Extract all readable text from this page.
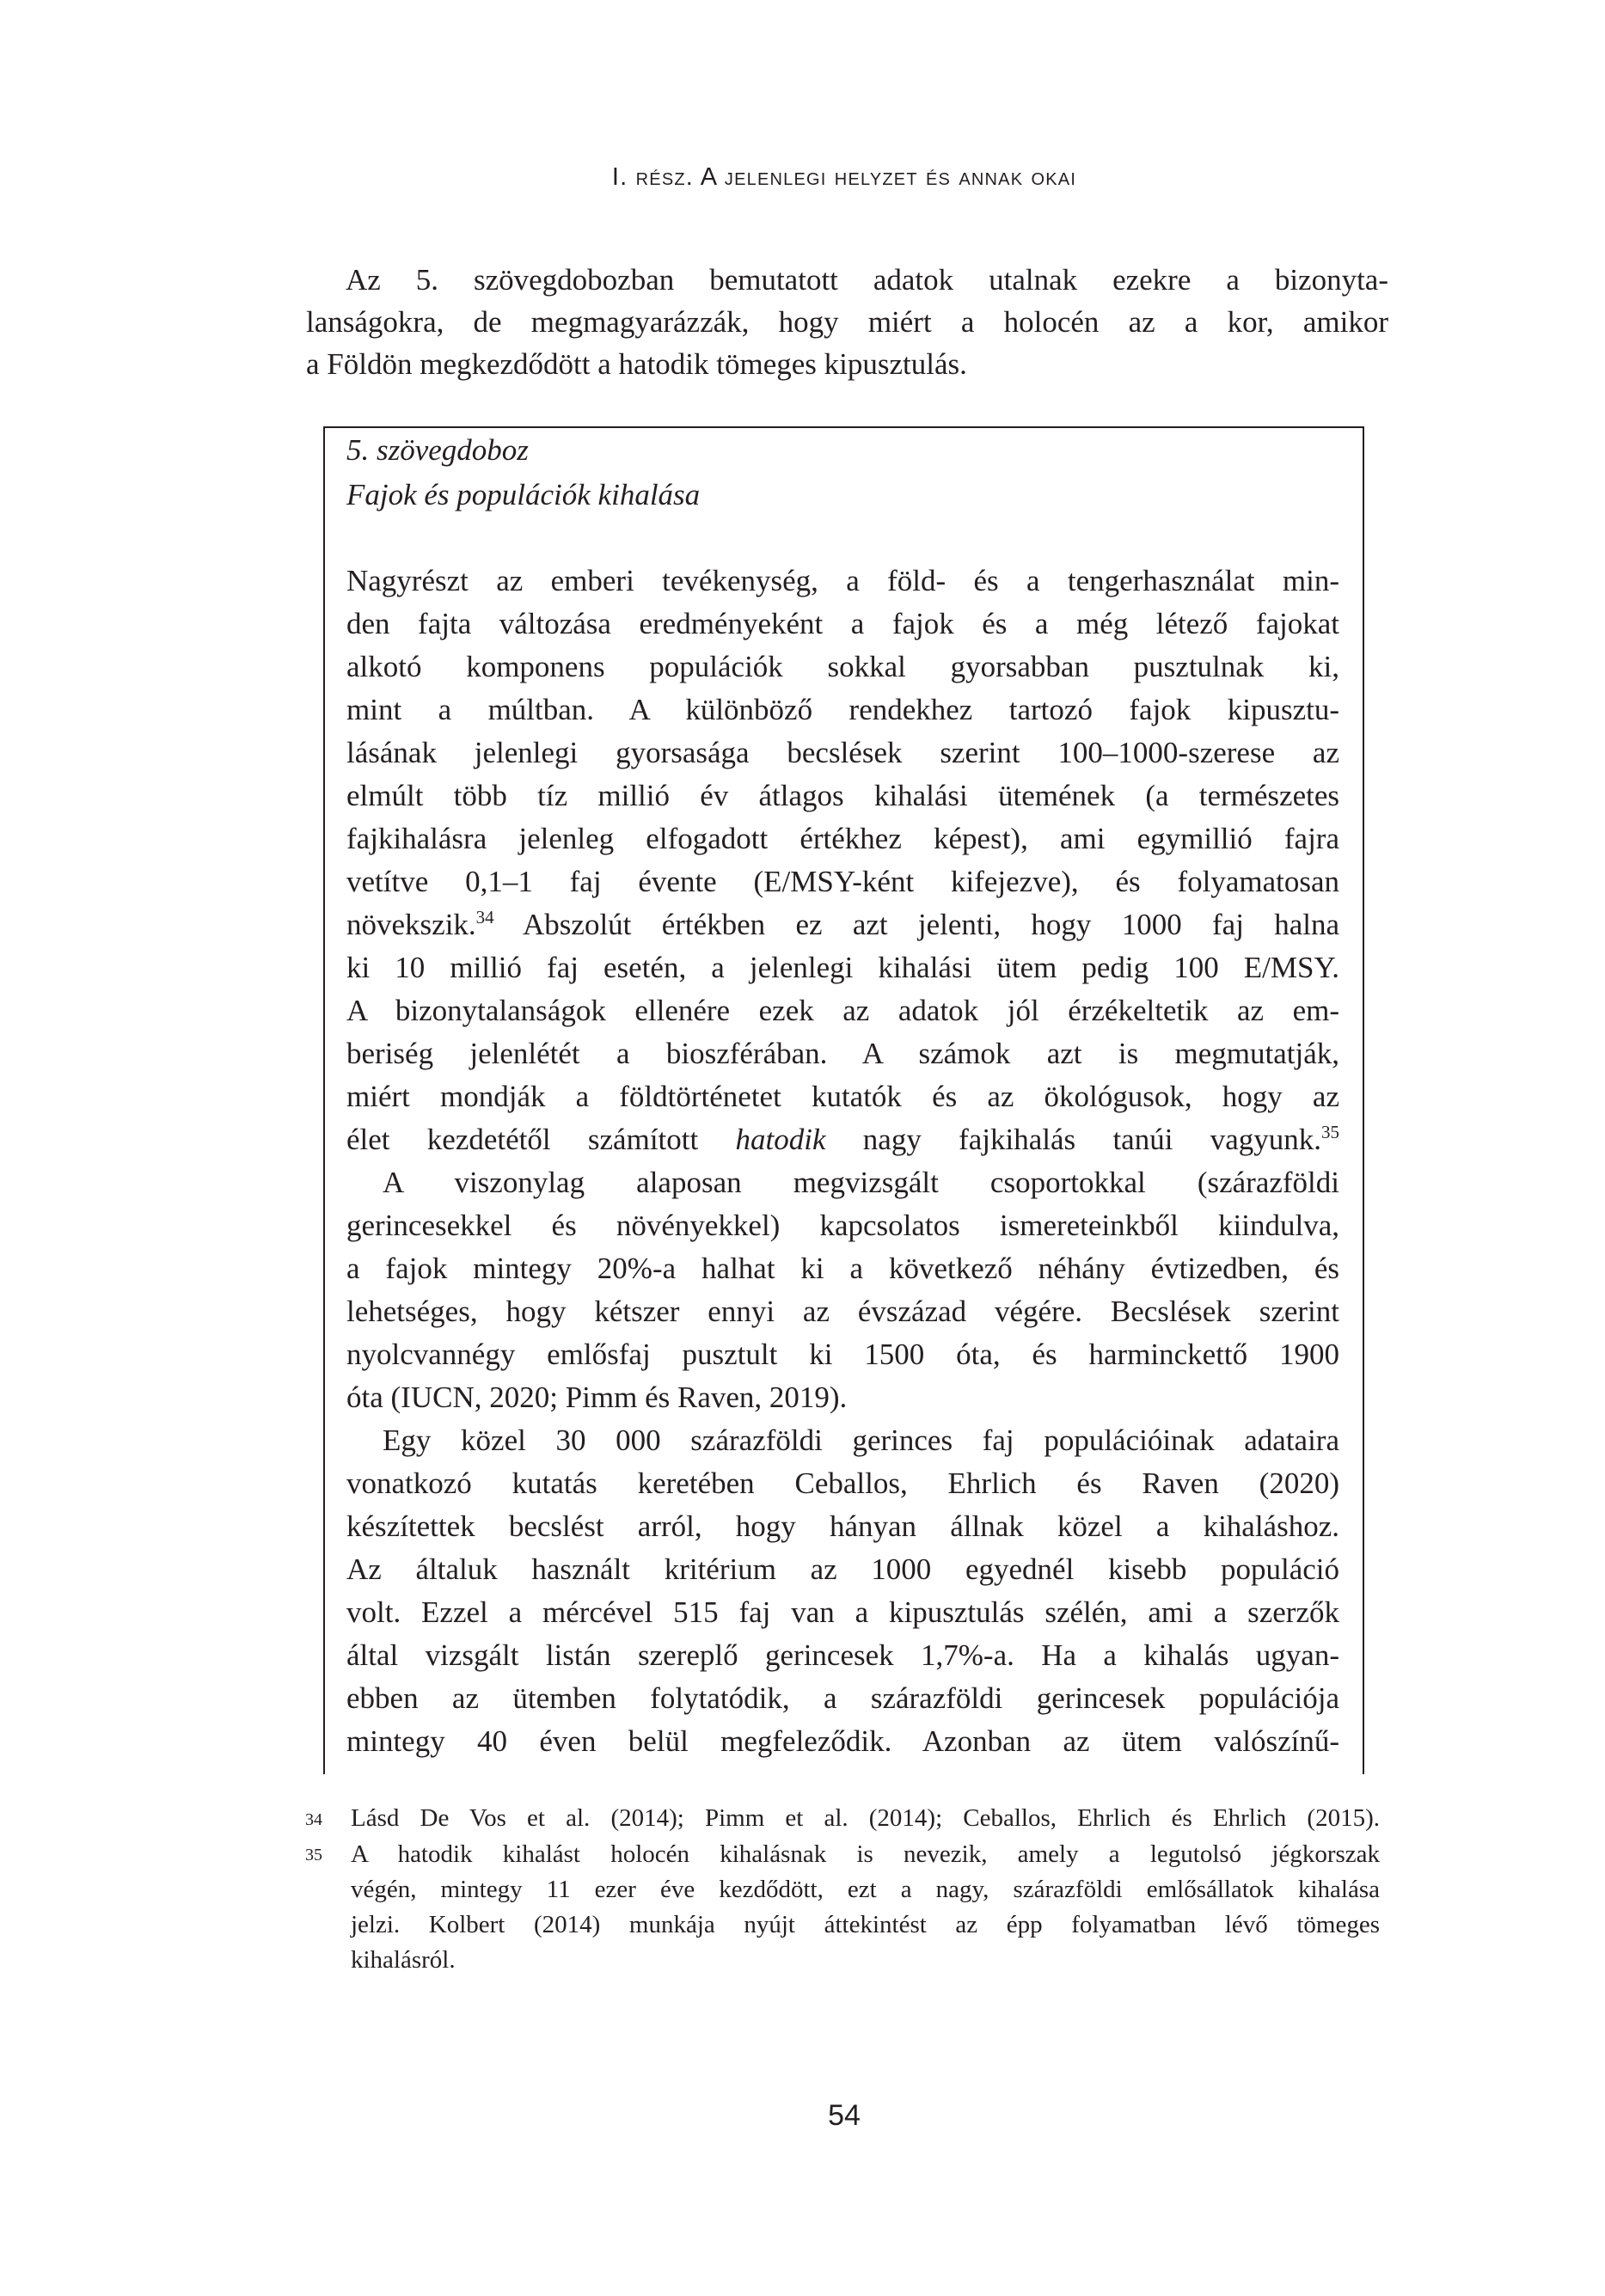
I. rész. A jelenlegi helyzet és annak okai
Az 5. szövegdobozban bemutatott adatok utalnak ezekre a bizonyta-
lanságokra, de megmagyarázzák, hogy miért a holocén az a kor, amikor
a Földön megkezdődött a hatodik tömeges kipusztulás.
5. szövegdoboz
Fajok és populációk kihalása
Nagyrészt az emberi tevékenység, a föld- és a tengerhasználat min-
den fajta változása eredményeként a fajok és a még létező fajokat
alkotó komponens populációk sokkal gyorsabban pusztulnak ki,
mint a múltban. A különböző rendekhez tartozó fajok kipusztu-
lásának jelenlegi gyorsasága becslések szerint 100–1000-szerese az
elmúlt több tíz millió év átlagos kihalási ütemének (a természetes
fajkihalásra jelenleg elfogadott értékhez képest), ami egymillió fajra
vetítve 0,1–1 faj évente (E/MSY-ként kifejezve), és folyamatosan
növekszik.$^{34}$ Abszolút értékben ez azt jelenti, hogy 1000 faj halna
ki 10 millió faj esetén, a jelenlegi kihalási ütem pedig 100 E/MSY.
A bizonytalanságok ellenére ezek az adatok jól érzékeltetik az em-
beriség jelenlétét a bioszférában. A számok azt is megmutatják,
miért mondják a földtörténetet kutatók és az ökológusok, hogy az
élet kezdetétől számított hatodik nagy fajkihalás tanúi vagyunk.$^{35}$
A viszonylag alaposan megvizsgált csoportokkal (szárazföldi
gerincesekkel és növényekkel) kapcsolatos ismereteinkből kiindulva,
a fajok mintegy 20%-a halhat ki a következő néhány évtizedben, és
lehetséges, hogy kétszer ennyi az évszázad végére. Becslések szerint
nyolcvannégy emlősfaj pusztult ki 1500 óta, és harminckettő 1900
óta (IUCN, 2020; Pimm és Raven, 2019).
Egy közel 30 000 szárazföldi gerinces faj populációinak adataira
vonatkozó kutatás keretében Ceballos, Ehrlich és Raven (2020)
készítettek becslést arról, hogy hányan állnak közel a kihaláshoz.
Az általuk használt kritérium az 1000 egyednél kisebb populáció
volt. Ezzel a mércével 515 faj van a kipusztulás szélén, ami a szerzők
által vizsgált listán szereplő gerincesek 1,7%-a. Ha a kihalás ugyan-
ebben az ütemben folytatódik, a szárazföldi gerincesek populációja
mintegy 40 éven belül megfeleződik. Azonban az ütem valószínű-
34 Lásd De Vos et al. (2014); Pimm et al. (2014); Ceballos, Ehrlich és Ehrlich (2015).
35 A hatodik kihalást holocén kihalásnak is nevezik, amely a legutolsó jégkorszak
végén, mintegy 11 ezer éve kezdődött, ezt a nagy, szárazföldi emlősállatok kihalása
jelzi. Kolbert (2014) munkája nyújt áttekintést az épp folyamatban lévő tömeges
kihalásról.
54
